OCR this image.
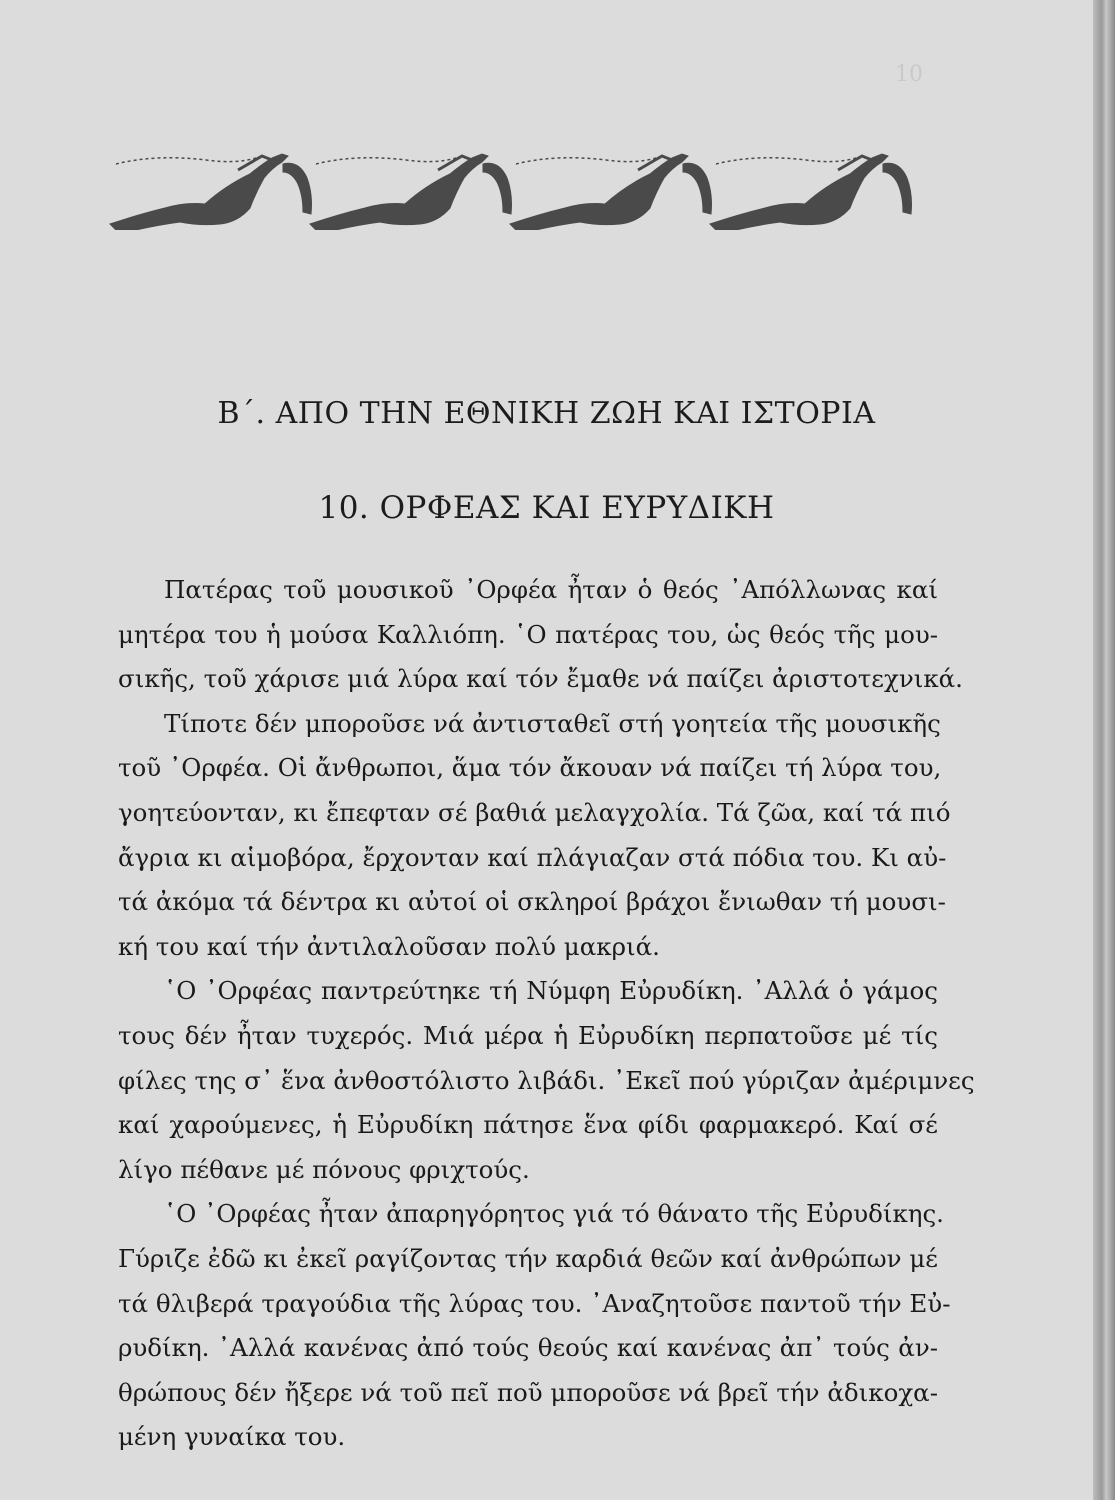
10
Β΄. ΑΠΟ ΤΗΝ ΕΘΝΙΚΗ ΖΩΗ ΚΑΙ ΙΣΤΟΡΙΑ
10. ΟΡΦΕΑΣ ΚΑΙ ΕΥΡΥΔΙΚΗ
Πατέρας τοῦ μουσικοῦ ᾿Ορφέα ἦταν ὁ θεός ᾿Απόλλωνας καί
μητέρα του ἡ μούσα Καλλιόπη. ῾Ο πατέρας του, ὡς θεός τῆς μου-
σικῆς, τοῦ χάρισε μιά λύρα καί τόν ἔμαθε νά παίζει ἀριστοτεχνικά.
Τίποτε δέν μποροῦσε νά ἀντισταθεῖ στή γοητεία τῆς μουσικῆς
τοῦ ᾿Ορφέα. Οἱ ἄνθρωποι, ἅμα τόν ἄκουαν νά παίζει τή λύρα του,
γοητεύονταν, κι ἔπεφταν σέ βαθιά μελαγχολία. Τά ζῶα, καί τά πιό
ἄγρια κι αἱμοβόρα, ἔρχονταν καί πλάγιαζαν στά πόδια του. Κι αὐ-
τά ἀκόμα τά δέντρα κι αὐτοί οἱ σκληροί βράχοι ἔνιωθαν τή μουσι-
κή του καί τήν ἀντιλαλοῦσαν πολύ μακριά.
῾Ο ᾿Ορφέας παντρεύτηκε τή Νύμφη Εὐρυδίκη. ᾿Αλλά ὁ γάμος
τους δέν ἦταν τυχερός. Μιά μέρα ἡ Εὐρυδίκη περπατοῦσε μέ τίς
φίλες της σ᾿ ἕνα ἀνθοστόλιστο λιβάδι. ᾿Εκεῖ πού γύριζαν ἀμέριμνες
καί χαρούμενες, ἡ Εὐρυδίκη πάτησε ἕνα φίδι φαρμακερό. Καί σέ
λίγο πέθανε μέ πόνους φριχτούς.
῾Ο ᾿Ορφέας ἦταν ἀπαρηγόρητος γιά τό θάνατο τῆς Εὐρυδίκης.
Γύριζε ἐδῶ κι ἐκεῖ ραγίζοντας τήν καρδιά θεῶν καί ἀνθρώπων μέ
τά θλιβερά τραγούδια τῆς λύρας του. ᾿Αναζητοῦσε παντοῦ τήν Εὐ-
ρυδίκη. ᾿Αλλά κανένας ἀπό τούς θεούς καί κανένας ἀπ᾿ τούς ἀν-
θρώπους δέν ἤξερε νά τοῦ πεῖ ποῦ μποροῦσε νά βρεῖ τήν ἀδικοχα-
μένη γυναίκα του.
